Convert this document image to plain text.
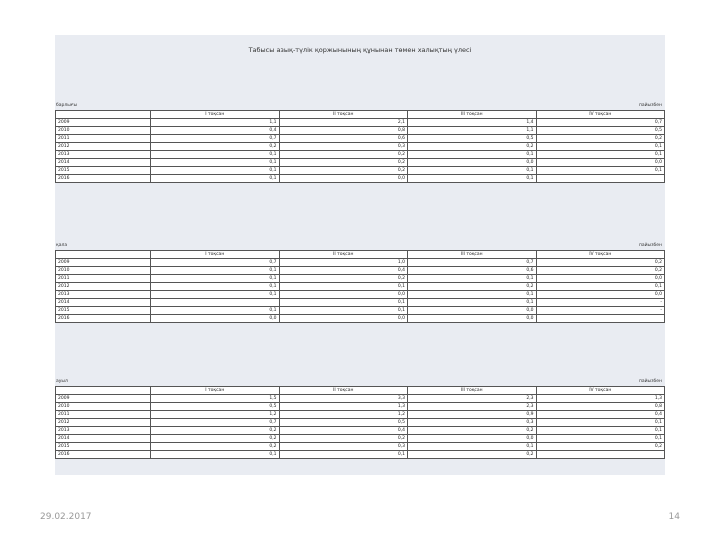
Табысы азық-түлік қоржынының құнынан төмен халықтың үлесі
барлығы	пайызбен
	I тоқсан	II тоқсан	III тоқсан	IV тоқсан
2009	1,1	2,1	1,4	0,7
2010	0,4	0,8	1,1	0,5
2011	0,7	0,6	0,5	0,2
2012	0,2	0,3	0,2	0,1
2013	0,1	0,2	0,1	0,1
2014	0,1	0,2	0,0	0,0
2015	0,1	0,2	0,1	0,1
2016	0,1	0,0	0,1	
қала	пайызбен
	I тоқсан	II тоқсан	III тоқсан	IV тоқсан
2009	0,7	1,0	0,7	0,2
2010	0,1	0,4	0,6	0,2
2011	0,1	0,2	0,1	0,0
2012	0,1	0,1	0,2	0,1
2013	0,1	0,0	0,1	0,0
2014		0,1	0,1	-
2015	0,1	0,1	0,0	-
2016	0,0	0,0	0,0	
ауыл	пайызбен
	I тоқсан	II тоқсан	III тоқсан	IV тоқсан
2009	1,5	3,3	2,3	1,3
2010	0,5	1,3	2,3	0,8
2011	1,2	1,2	0,9	0,4
2012	0,7	0,5	0,3	0,1
2013	0,2	0,4	0,2	0,1
2014	0,2	0,2	0,0	0,1
2015	0,2	0,3	0,1	0,2
2016	0,1	0,1	0,2	
29.02.2017	14
